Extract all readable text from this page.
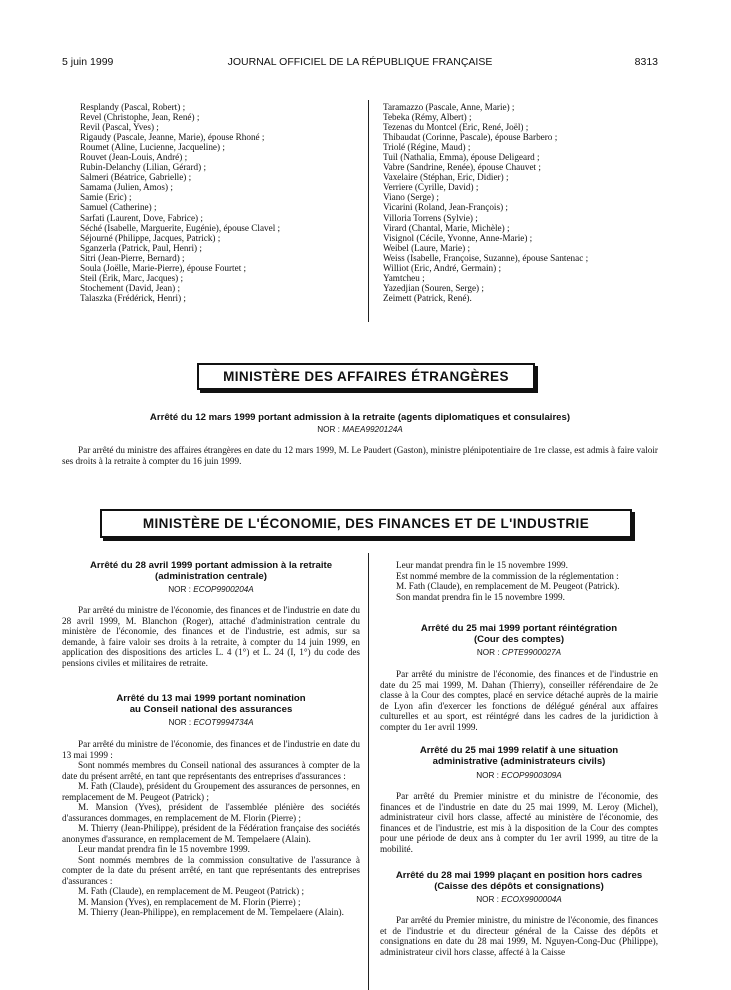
5 juin 1999	JOURNAL OFFICIEL DE LA RÉPUBLIQUE FRANÇAISE	8313
Resplandy (Pascal, Robert) ;
Revel (Christophe, Jean, René) ;
Revil (Pascal, Yves) ;
Rigaudy (Pascale, Jeanne, Marie), épouse Rhoné ;
Roumet (Aline, Lucienne, Jacqueline) ;
Rouvet (Jean-Louis, André) ;
Rubin-Delanchy (Lilian, Gérard) ;
Salmeri (Béatrice, Gabrielle) ;
Samama (Julien, Amos) ;
Samie (Eric) ;
Samuel (Catherine) ;
Sarfati (Laurent, Dove, Fabrice) ;
Séché (Isabelle, Marguerite, Eugénie), épouse Clavel ;
Séjourné (Philippe, Jacques, Patrick) ;
Sganzerla (Patrick, Paul, Henri) ;
Sitri (Jean-Pierre, Bernard) ;
Soula (Joëlle, Marie-Pierre), épouse Fourtet ;
Steil (Erik, Marc, Jacques) ;
Stochement (David, Jean) ;
Talaszka (Frédérick, Henri) ;
Taramazzo (Pascale, Anne, Marie) ;
Tebeka (Rémy, Albert) ;
Tezenas du Montcel (Eric, René, Joël) ;
Thibaudat (Corinne, Pascale), épouse Barbero ;
Triolé (Régine, Maud) ;
Tuil (Nathalia, Emma), épouse Deligeard ;
Vabre (Sandrine, Renée), épouse Chauvet ;
Vaxelaire (Stéphan, Eric, Didier) ;
Verriere (Cyrille, David) ;
Viano (Serge) ;
Vicarini (Roland, Jean-François) ;
Villoria Torrens (Sylvie) ;
Virard (Chantal, Marie, Michèle) ;
Visignol (Cécile, Yvonne, Anne-Marie) ;
Weibel (Laure, Marie) ;
Weiss (Isabelle, Françoise, Suzanne), épouse Santenac ;
Williot (Eric, André, Germain) ;
Yamtcheu ;
Yazedjian (Souren, Serge) ;
Zeimett (Patrick, René).
MINISTÈRE DES AFFAIRES ÉTRANGÈRES
Arrêté du 12 mars 1999 portant admission à la retraite (agents diplomatiques et consulaires)
NOR : MAEA9920124A

Par arrêté du ministre des affaires étrangères en date du 12 mars 1999, M. Le Paudert (Gaston), ministre plénipotentiaire de 1re classe, est admis à faire valoir ses droits à la retraite à compter du 16 juin 1999.

MINISTÈRE DE L'ÉCONOMIE, DES FINANCES ET DE L'INDUSTRIE
Arrêté du 28 avril 1999 portant admission à la retraite
(administration centrale)
NOR : ECOP9900204A

Par arrêté du ministre de l'économie, des finances et de l'industrie en date du 28 avril 1999, M. Blanchon (Roger), attaché d'administration centrale du ministère de l'économie, des finances et de l'industrie, est admis, sur sa demande, à faire valoir ses droits à la retraite, à compter du 14 juin 1999, en application des dispositions des articles L. 4 (1°) et L. 24 (I, 1°) du code des pensions civiles et militaires de retraite.

Arrêté du 13 mai 1999 portant nomination
au Conseil national des assurances
NOR : ECOT9994734A

Par arrêté du ministre de l'économie, des finances et de l'industrie en date du 13 mai 1999 :

Sont nommés membres du Conseil national des assurances à compter de la date du présent arrêté, en tant que représentants des entreprises d'assurances :

M. Fath (Claude), président du Groupement des assurances de personnes, en remplacement de M. Peugeot (Patrick) ;

M. Mansion (Yves), président de l'assemblée plénière des sociétés d'assurances dommages, en remplacement de M. Florin (Pierre) ;

M. Thierry (Jean-Philippe), président de la Fédération française des sociétés anonymes d'assurance, en remplacement de M. Tempelaere (Alain).

Leur mandat prendra fin le 15 novembre 1999.

Sont nommés membres de la commission consultative de l'assurance à compter de la date du présent arrêté, en tant que représentants des entreprises d'assurances :

M. Fath (Claude), en remplacement de M. Peugeot (Patrick) ;

M. Mansion (Yves), en remplacement de M. Florin (Pierre) ;

M. Thierry (Jean-Philippe), en remplacement de M. Tempelaere (Alain).

Leur mandat prendra fin le 15 novembre 1999.

Est nommé membre de la commission de la réglementation :

M. Fath (Claude), en remplacement de M. Peugeot (Patrick).

Son mandat prendra fin le 15 novembre 1999.

Arrêté du 25 mai 1999 portant réintégration
(Cour des comptes)
NOR : CPTE9900027A

Par arrêté du ministre de l'économie, des finances et de l'industrie en date du 25 mai 1999, M. Dahan (Thierry), conseiller référendaire de 2e classe à la Cour des comptes, placé en service détaché auprès de la mairie de Lyon afin d'exercer les fonctions de délégué général aux affaires culturelles et au sport, est réintégré dans les cadres de la juridiction à compter du 1er avril 1999.

Arrêté du 25 mai 1999 relatif à une situation
administrative (administrateurs civils)
NOR : ECOP9900309A

Par arrêté du Premier ministre et du ministre de l'économie, des finances et de l'industrie en date du 25 mai 1999, M. Leroy (Michel), administrateur civil hors classe, affecté au ministère de l'économie, des finances et de l'industrie, est mis à la disposition de la Cour des comptes pour une période de deux ans à compter du 1er avril 1999, au titre de la mobilité.

Arrêté du 28 mai 1999 plaçant en position hors cadres
(Caisse des dépôts et consignations)
NOR : ECOX9900004A

Par arrêté du Premier ministre, du ministre de l'économie, des finances et de l'industrie et du directeur général de la Caisse des dépôts et consignations en date du 28 mai 1999, M. Nguyen-Cong-Duc (Philippe), administrateur civil hors classe, affecté à la Caisse
